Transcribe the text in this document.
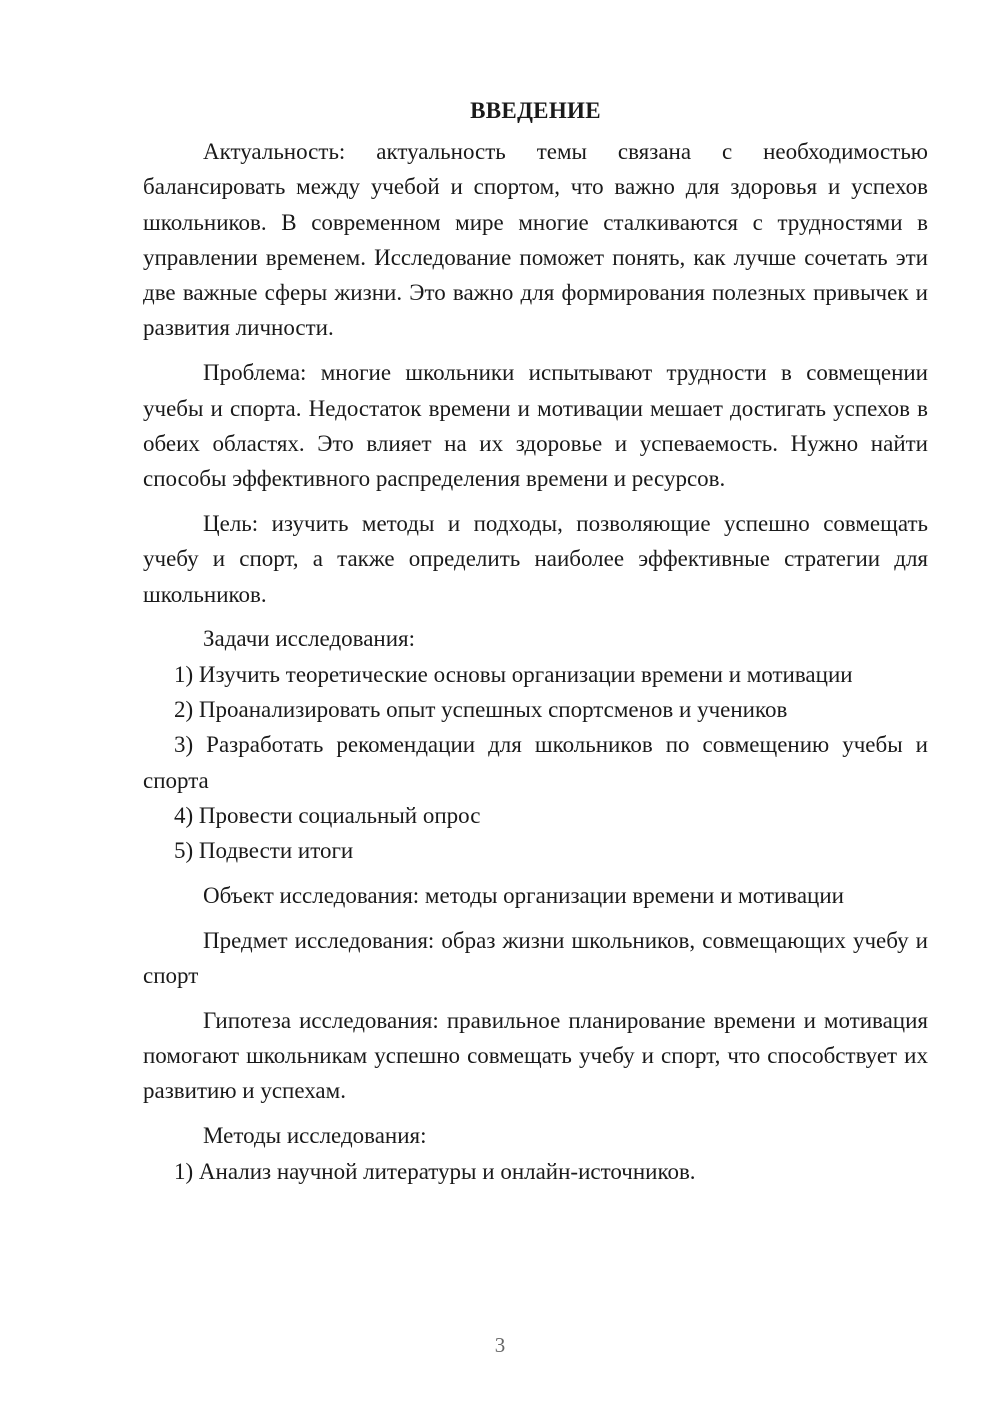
ВВЕДЕНИЕ

Актуальность: актуальность темы связана с необходимостью балансировать между учебой и спортом, что важно для здоровья и успехов школьников. В современном мире многие сталкиваются с трудностями в управлении временем. Исследование поможет понять, как лучше сочетать эти две важные сферы жизни. Это важно для формирования полезных привычек и развития личности.

Проблема: многие школьники испытывают трудности в совмещении учебы и спорта. Недостаток времени и мотивации мешает достигать успехов в обеих областях. Это влияет на их здоровье и успеваемость. Нужно найти способы эффективного распределения времени и ресурсов.

Цель: изучить методы и подходы, позволяющие успешно совмещать учебу и спорт, а также определить наиболее эффективные стратегии для школьников.

Задачи исследования:

1) Изучить теоретические основы организации времени и мотивации

2) Проанализировать опыт успешных спортсменов и учеников

3) Разработать рекомендации для школьников по совмещению учебы и спорта

4) Провести социальный опрос

5) Подвести итоги

Объект исследования: методы организации времени и мотивации

Предмет исследования: образ жизни школьников, совмещающих учебу и спорт

Гипотеза исследования: правильное планирование времени и мотивация помогают школьникам успешно совмещать учебу и спорт, что способствует их развитию и успехам.

Методы исследования:

1) Анализ научной литературы и онлайн-источников.

3
